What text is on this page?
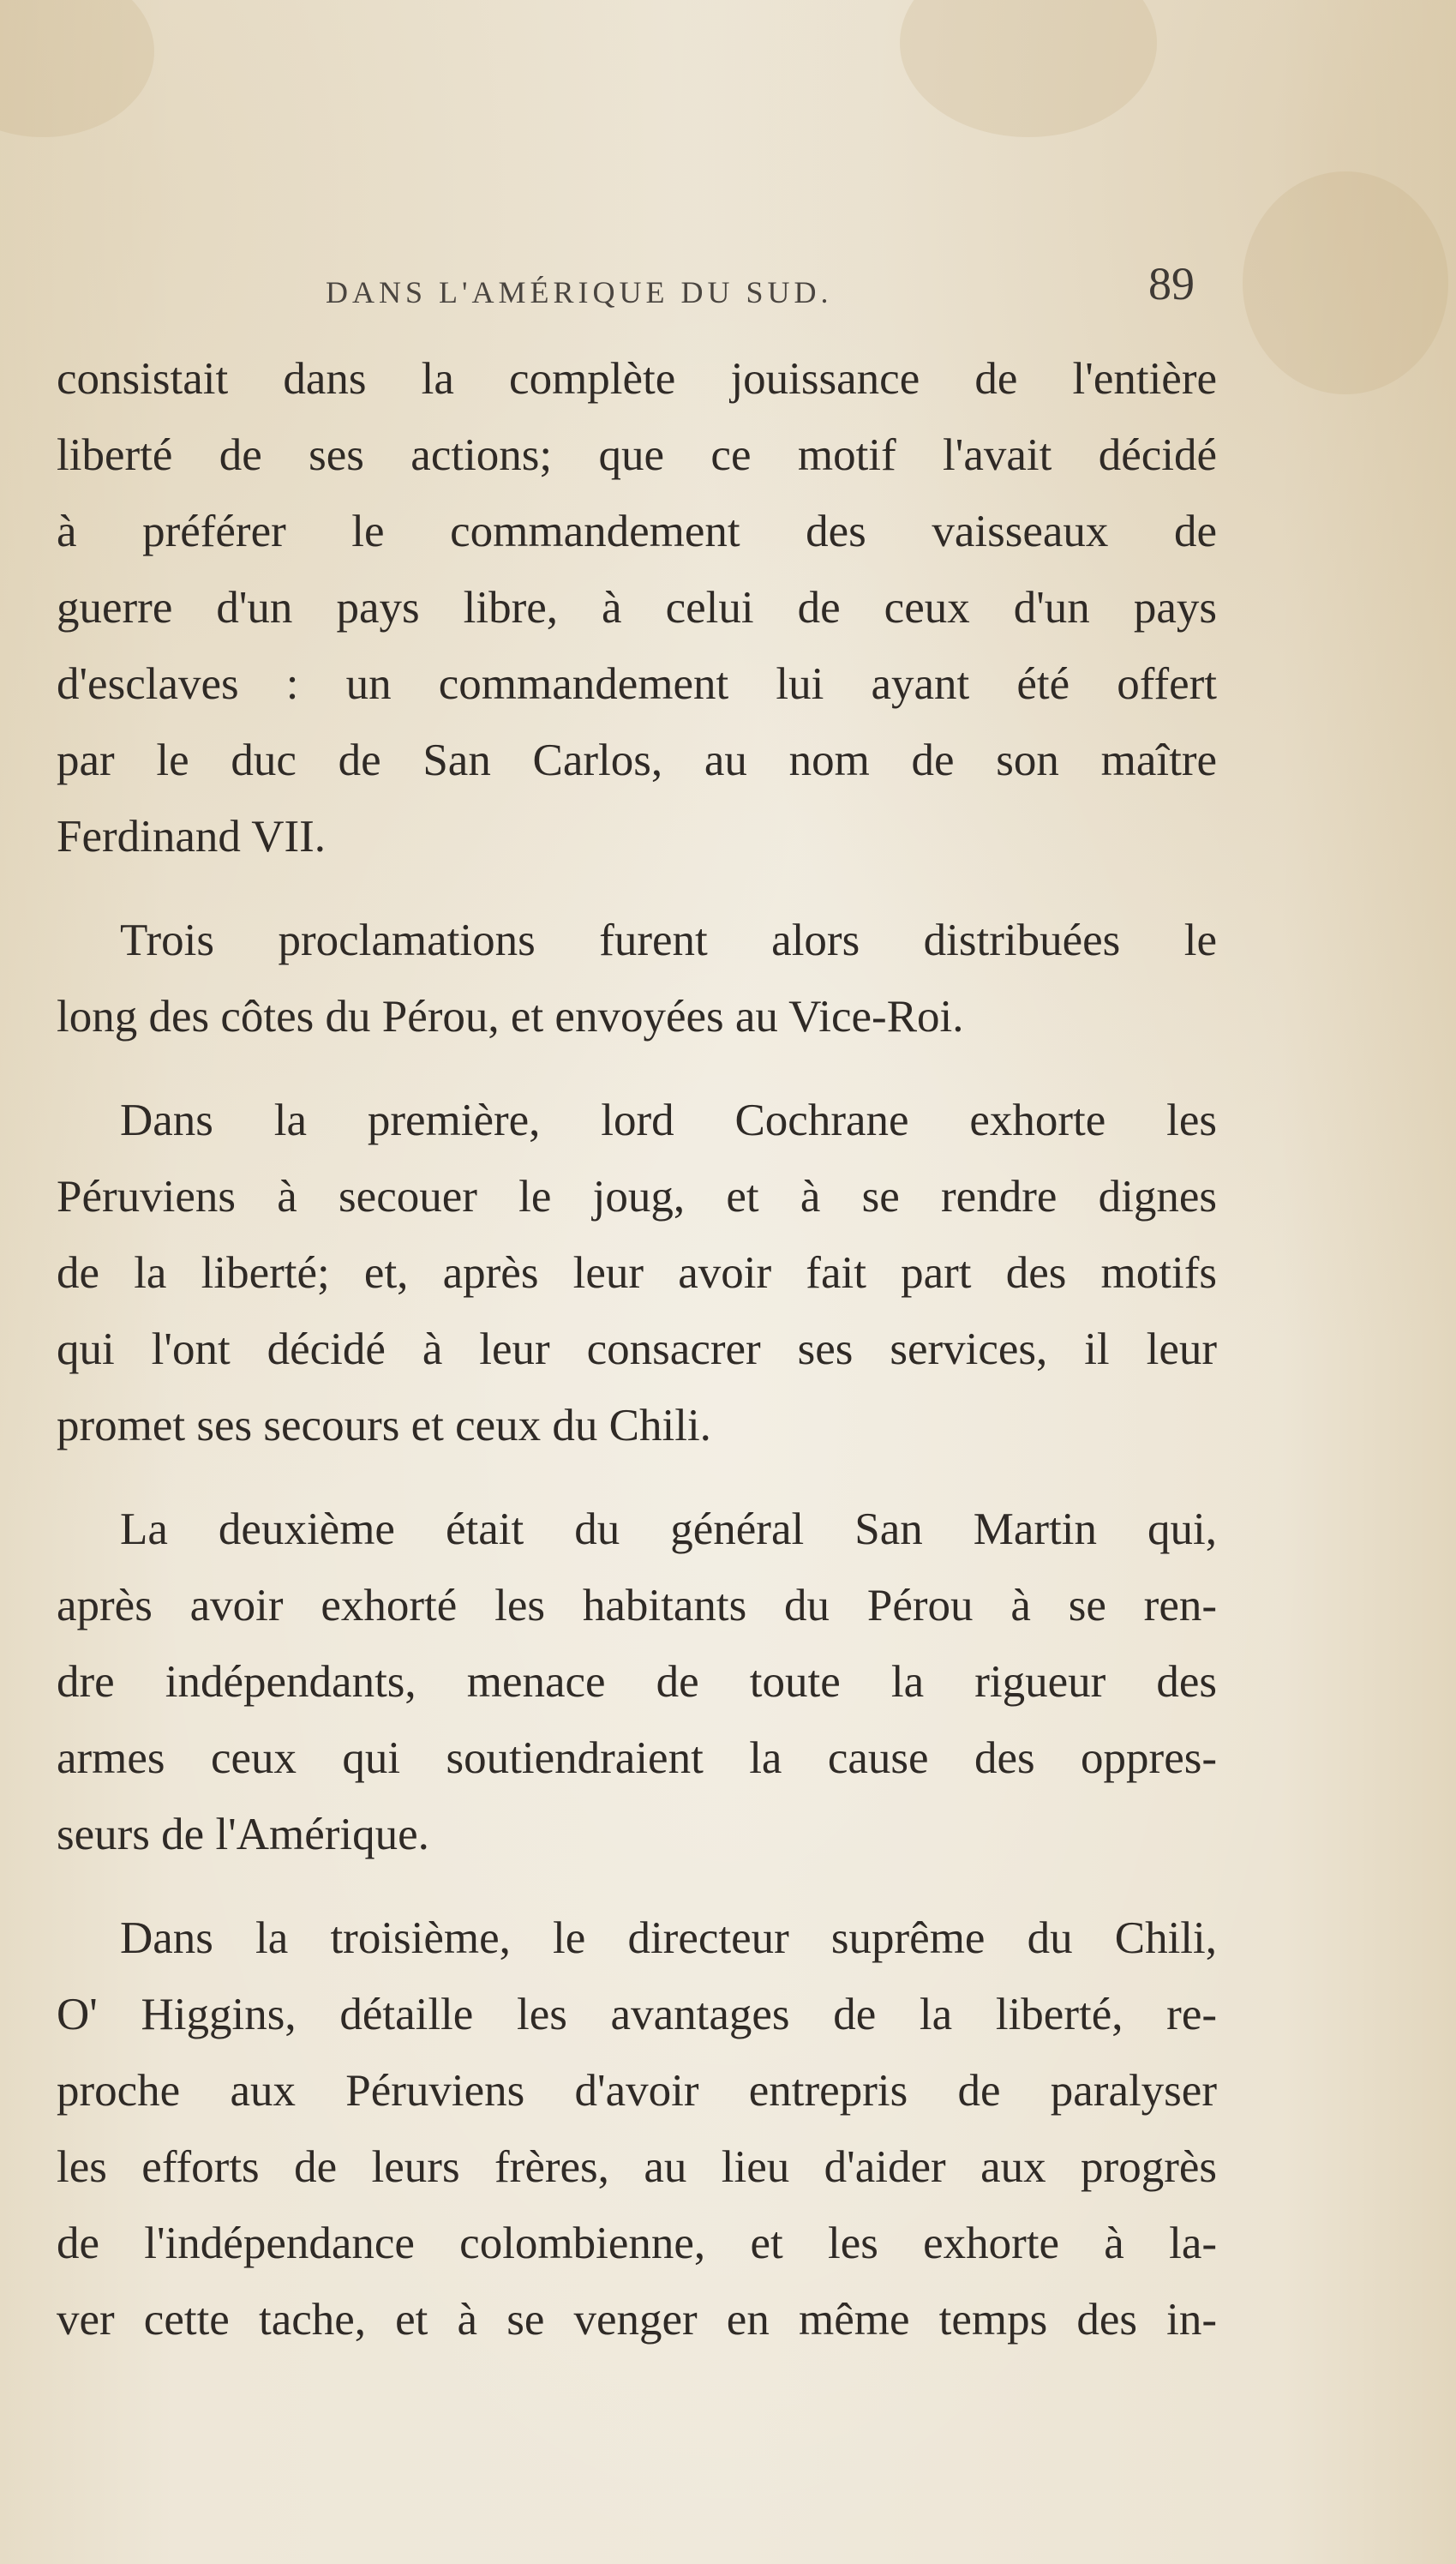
DANS L'AMÉRIQUE DU SUD.	89

consistait dans la complète jouissance de l'entière
liberté de ses actions; que ce motif l'avait décidé
à préférer le commandement des vaisseaux de
guerre d'un pays libre, à celui de ceux d'un pays
d'esclaves : un commandement lui ayant été offert
par le duc de San Carlos, au nom de son maître
Ferdinand VII.

Trois proclamations furent alors distribuées le
long des côtes du Pérou, et envoyées au Vice-Roi.

Dans la première, lord Cochrane exhorte les
Péruviens à secouer le joug, et à se rendre dignes
de la liberté; et, après leur avoir fait part des motifs
qui l'ont décidé à leur consacrer ses services, il leur
promet ses secours et ceux du Chili.

La deuxième était du général San Martin qui,
après avoir exhorté les habitants du Pérou à se ren-
dre indépendants, menace de toute la rigueur des
armes ceux qui soutiendraient la cause des oppres-
seurs de l'Amérique.

Dans la troisième, le directeur suprême du Chili,
O' Higgins, détaille les avantages de la liberté, re-
proche aux Péruviens d'avoir entrepris de paralyser
les efforts de leurs frères, au lieu d'aider aux progrès
de l'indépendance colombienne, et les exhorte à la-
ver cette tache, et à se venger en même temps des in-
